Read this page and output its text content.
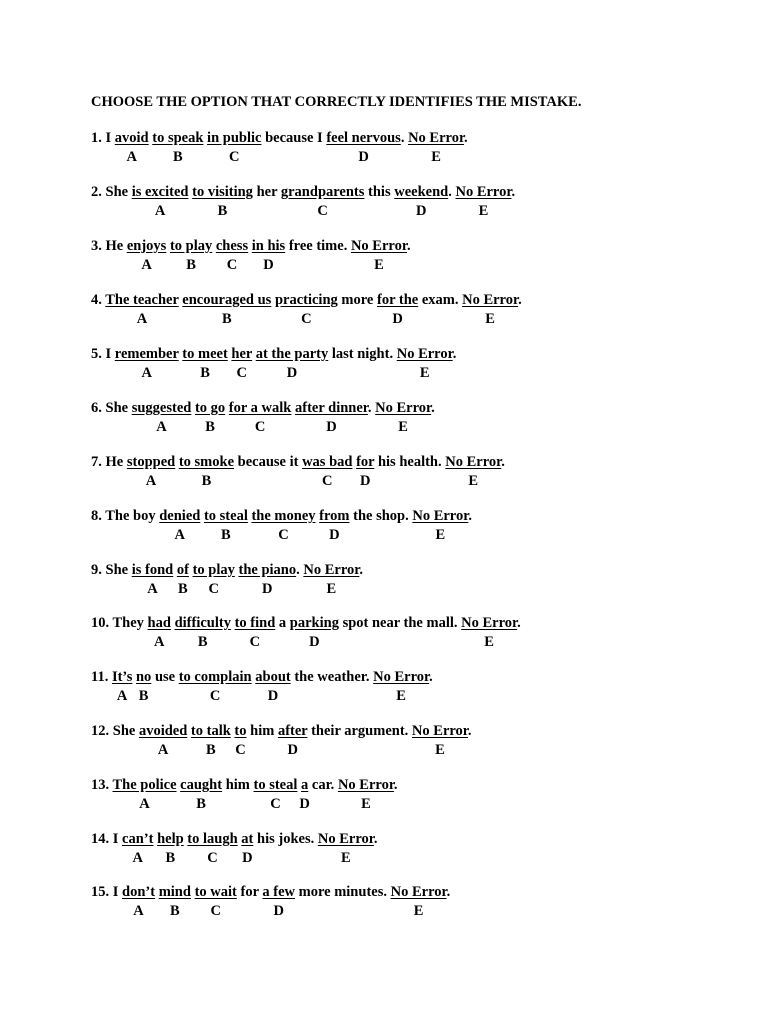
CHOOSE THE OPTION THAT CORRECTLY IDENTIFIES THE MISTAKE.
1. I avoid to speak in public because I feel nervous. No Error.
A B	C	D	E
2. She is excited to visiting her grandparents this weekend. No Error.
A	B	C	D	E
3. He enjoys to play chess in his free time. No Error.
A B C D	E
4. The teacher encouraged us practicing more for the exam. No Error.
A	B	C	D	E
5. I remember to meet her at the party last night. No Error.
A	B C	D	E
6. She suggested to go for a walk after dinner. No Error.
A	B	C	D	E
7. He stopped to smoke because it was bad for his health. No Error.
A	B	C D	E
8. The boy denied to steal the money from the shop. No Error.
A B	C	D	E
9. She is fond of to play the piano. No Error.
A B C	D	E
10. They had difficulty to find a parking spot near the mall. No Error.
A B	C	D	E
11. It’s no use to complain about the weather. No Error.
A B	C	D	E
12. She avoided to talk to him after their argument. No Error.
A	B C	D	E
13. The police caught him to steal a car. No Error.
A	B	C D	E
14. I can’t help to laugh at his jokes. No Error.
A B C D	E
15. I don’t mind to wait for a few more minutes. No Error.
A B C	D	E
